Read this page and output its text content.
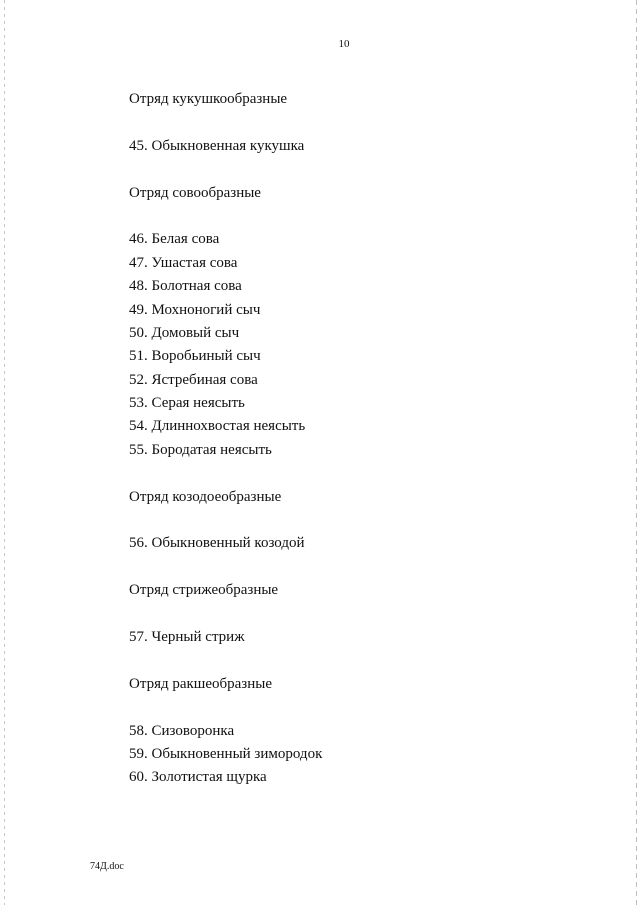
10
Отряд кукушкообразные
45. Обыкновенная кукушка
Отряд совообразные
46. Белая сова
47. Ушастая сова
48. Болотная сова
49. Мохноногий сыч
50. Домовый сыч
51. Воробьиный сыч
52. Ястребиная сова
53. Серая неясыть
54. Длиннохвостая неясыть
55. Бородатая неясыть
Отряд козодоеобразные
56. Обыкновенный козодой
Отряд стрижеобразные
57. Черный стриж
Отряд ракшеобразные
58. Сизоворонка
59. Обыкновенный зимородок
60. Золотистая щурка
74Д.doc
